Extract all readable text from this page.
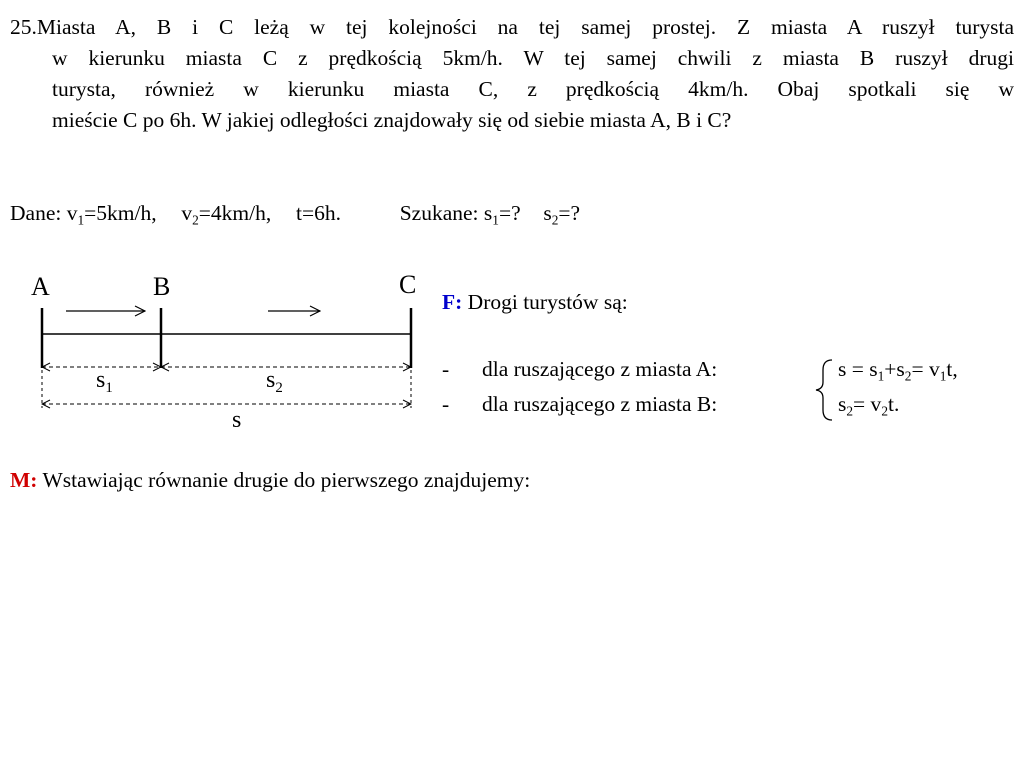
25.Miasta A, B i C leżą w tej kolejności na tej samej prostej. Z miasta A ruszył turysta
w kierunku miasta C z prędkością 5km/h. W tej samej chwili z miasta B ruszył drugi
turysta, również w kierunku miasta C, z prędkością 4km/h. Obaj spotkali się w
mieście C po 6h. W jakiej odległości znajdowały się od siebie miasta A, B i C?
Dane: $v_1=5km/h$, $v_2=4km/h$, t=6h.	Szukane: $s_1=$? $s_2=$?
A	B	C
$s_1$	$s_2$
s
F: Drogi turystów są:
- dla ruszającego z miasta A:	$s = s_1+s_2= v_1t$,
- dla ruszającego z miasta B:	$s_2= v_2t$.
M: Wstawiając równanie drugie do pierwszego znajdujemy:
